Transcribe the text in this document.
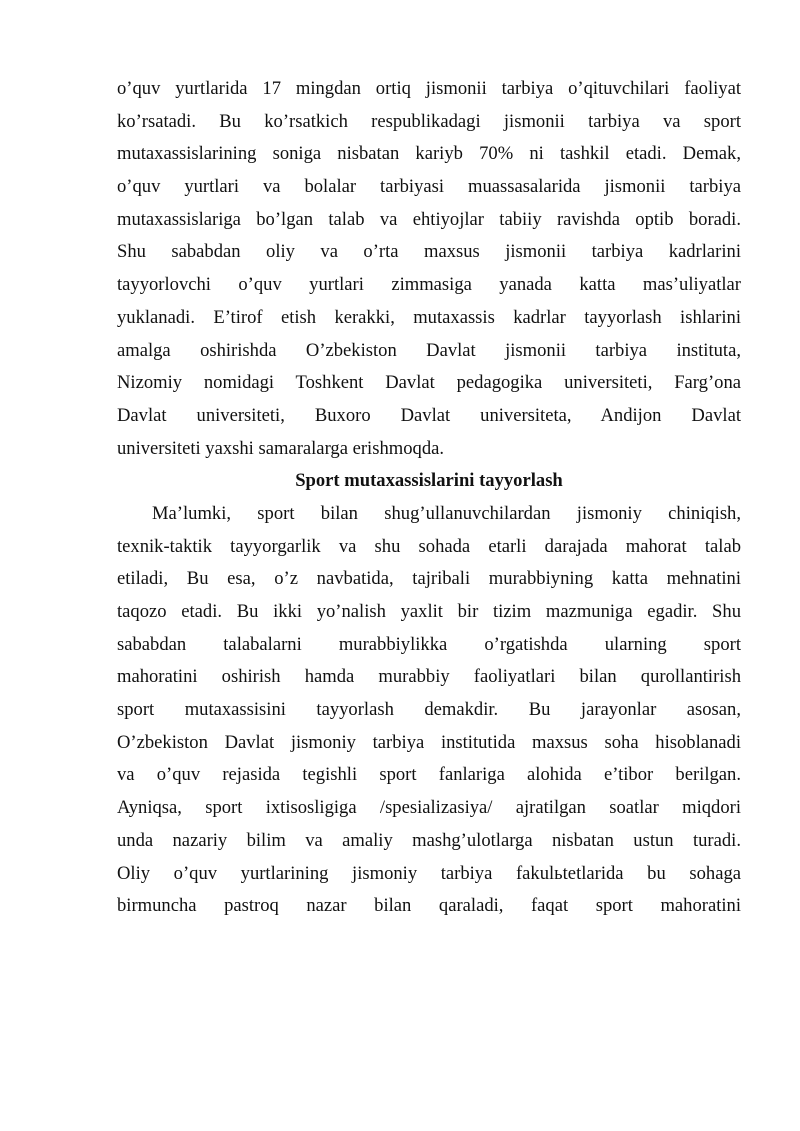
o’quv yurtlarida 17 mingdan ortiq jismonii tarbiya o’qituvchilari faoliyat
ko’rsatadi. Bu ko’rsatkich respublikadagi jismonii tarbiya va sport
mutaxassislarining soniga nisbatan kariyb 70% ni tashkil etadi. Demak,
o’quv yurtlari va bolalar tarbiyasi muassasalarida jismonii tarbiya
mutaxassislariga bo’lgan talab va ehtiyojlar tabiiy ravishda optib boradi.
Shu sababdan oliy va o’rta maxsus jismonii tarbiya kadrlarini
tayyorlovchi o’quv yurtlari zimmasiga yanada katta mas’uliyatlar
yuklanadi. E’tirof etish kerakki, mutaxassis kadrlar tayyorlash ishlarini
amalga oshirishda O’zbekiston Davlat jismonii tarbiya instituta,
Nizomiy nomidagi Toshkent Davlat pedagogika universiteti, Farg’ona
Davlat universiteti, Buxoro Davlat universiteta, Andijon Davlat
universiteti yaxshi samaralarga erishmoqda.
Sport mutaxassislarini tayyorlash
Ma’lumki, sport bilan shug’ullanuvchilardan jismoniy chiniqish,
texnik-taktik tayyorgarlik va shu sohada etarli darajada mahorat talab
etiladi, Bu esa, o’z navbatida, tajribali murabbiyning katta mehnatini
taqozo etadi. Bu ikki yo’nalish yaxlit bir tizim mazmuniga egadir. Shu
sababdan talabalarni murabbiylikka o’rgatishda ularning sport
mahoratini oshirish hamda murabbiy faoliyatlari bilan qurollantirish
sport mutaxassisini tayyorlash demakdir. Bu jarayonlar asosan,
O’zbekiston Davlat jismoniy tarbiya institutida maxsus soha hisoblanadi
va o’quv rejasida tegishli sport fanlariga alohida e’tibor berilgan.
Ayniqsa, sport ixtisosligiga /spesializasiya/ ajratilgan soatlar miqdori
unda nazariy bilim va amaliy mashg’ulotlarga nisbatan ustun turadi.
Oliy o’quv yurtlarining jismoniy tarbiya fakulьtetlarida bu sohaga
birmuncha pastroq nazar bilan qaraladi, faqat sport mahoratini
